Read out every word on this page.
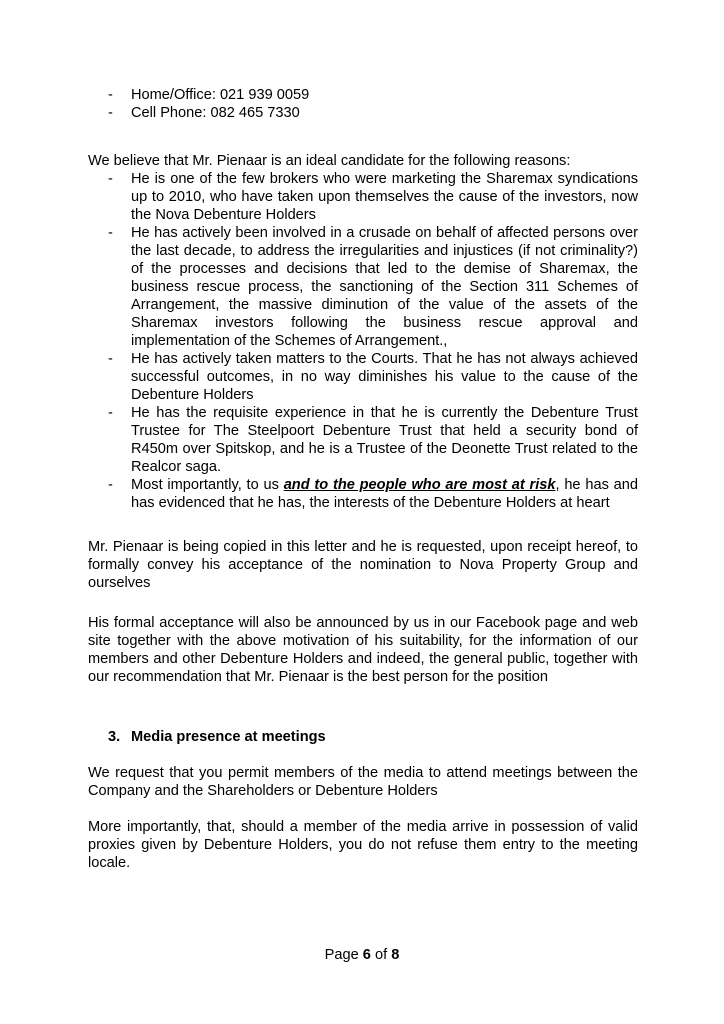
- Home/Office: 021 939 0059
- Cell Phone: 082 465 7330

We believe that Mr. Pienaar is an ideal candidate for the following reasons:

- He is one of the few brokers who were marketing the Sharemax syndications up to 2010, who have taken upon themselves the cause of the investors, now the Nova Debenture Holders
- He has actively been involved in a crusade on behalf of affected persons over the last decade, to address the irregularities and injustices (if not criminality?) of the processes and decisions that led to the demise of Sharemax, the business rescue process, the sanctioning of the Section 311 Schemes of Arrangement, the massive diminution of the value of the assets of the Sharemax investors following the business rescue approval and implementation of the Schemes of Arrangement.,
- He has actively taken matters to the Courts. That he has not always achieved successful outcomes, in no way diminishes his value to the cause of the Debenture Holders
- He has the requisite experience in that he is currently the Debenture Trust Trustee for The Steelpoort Debenture Trust that held a security bond of R450m over Spitskop, and he is a Trustee of the Deonette Trust related to the Realcor saga.
- Most importantly, to us and to the people who are most at risk, he has and has evidenced that he has, the interests of the Debenture Holders at heart

Mr. Pienaar is being copied in this letter and he is requested, upon receipt hereof, to formally convey his acceptance of the nomination to Nova Property Group and ourselves

His formal acceptance will also be announced by us in our Facebook page and web site together with the above motivation of his suitability, for the information of our members and other Debenture Holders and indeed, the general public, together with our recommendation that Mr. Pienaar is the best person for the position

3. Media presence at meetings

We request that you permit members of the media to attend meetings between the Company and the Shareholders or Debenture Holders

More importantly, that, should a member of the media arrive in possession of valid proxies given by Debenture Holders, you do not refuse them entry to the meeting locale.

Page 6 of 8
